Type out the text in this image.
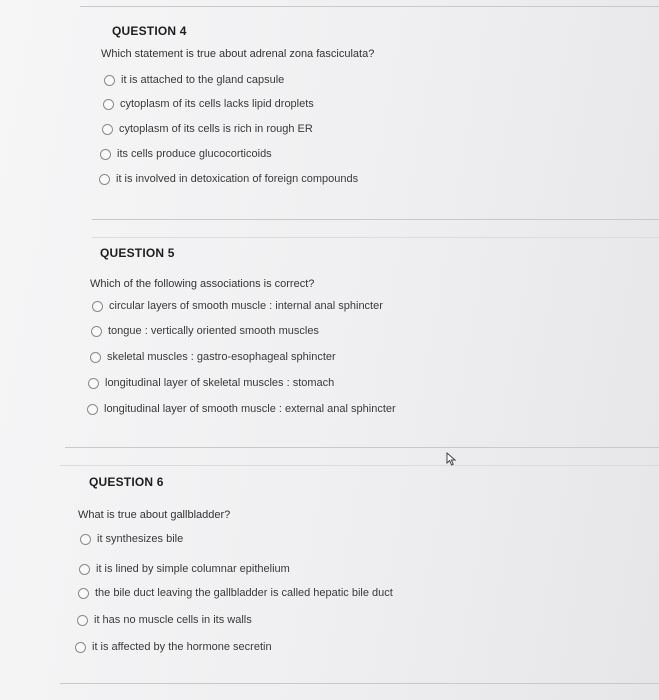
QUESTION 4
Which statement is true about adrenal zona fasciculata?
it is attached to the gland capsule
cytoplasm of its cells lacks lipid droplets
cytoplasm of its cells is rich in rough ER
its cells produce glucocorticoids
it is involved in detoxication of foreign compounds
QUESTION 5
Which of the following associations is correct?
circular layers of smooth muscle : internal anal sphincter
tongue : vertically oriented smooth muscles
skeletal muscles : gastro-esophageal sphincter
longitudinal layer of skeletal muscles : stomach
longitudinal layer of smooth muscle : external anal sphincter
QUESTION 6
What is true about gallbladder?
it synthesizes bile
it is lined by simple columnar epithelium
the bile duct leaving the gallbladder is called hepatic bile duct
it has no muscle cells in its walls
it is affected by the hormone secretin
